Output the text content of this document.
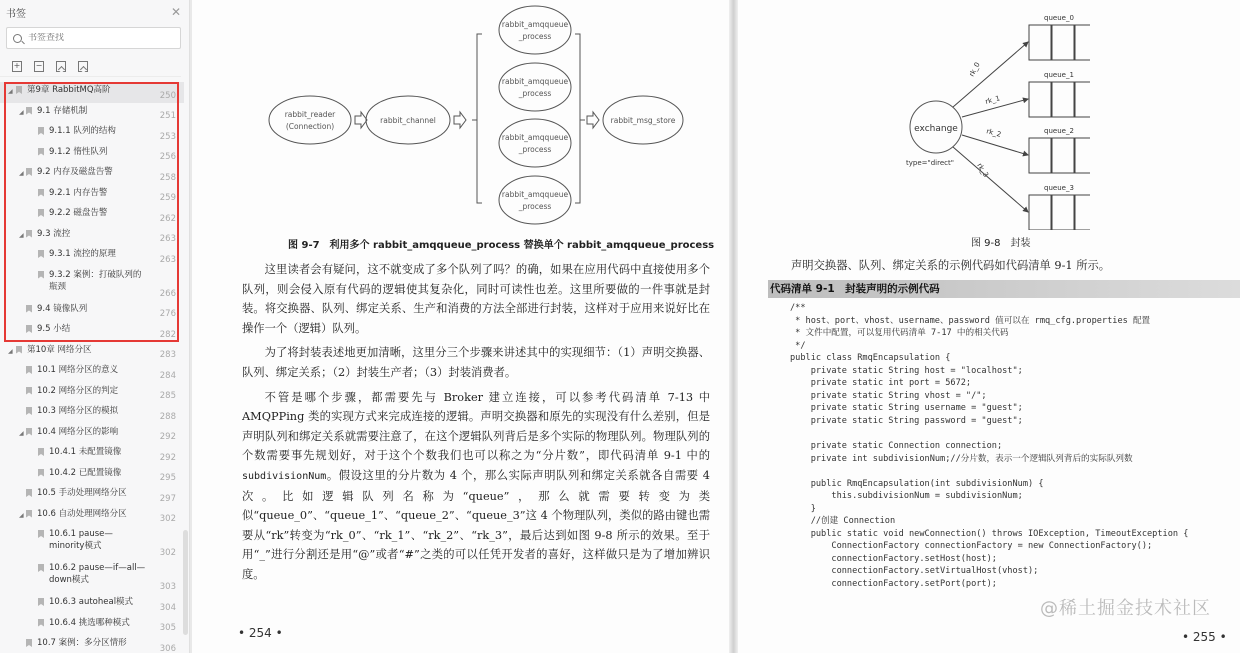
书签	✕
书签查找
+ −
◢ 第9章 RabbitMQ高阶
250
◢ 9.1 存储机制
251
9.1.1 队列的结构
253
9.1.2 惰性队列
256
◢ 9.2 内存及磁盘告警
258
9.2.1 内存告警
259
9.2.2 磁盘告警
262
◢ 9.3 流控
263
9.3.1 流控的原理
263
9.3.2 案例：打破队列的瓶颈
266
9.4 镜像队列
276
9.5 小结
282
◢ 第10章 网络分区
283
10.1 网络分区的意义
284
10.2 网络分区的判定
285
10.3 网络分区的模拟
288
◢ 10.4 网络分区的影响
292
10.4.1 未配置镜像
292
10.4.2 已配置镜像
295
10.5 手动处理网络分区
297
◢ 10.6 自动处理网络分区
302
10.6.1 pause—minority模式
302
10.6.2 pause—if—all—down模式
303
10.6.3 autoheal模式
304
10.6.4 挑选哪种模式
305
10.7 案例：多分区情形
306
rabbit_reader
(Connection)
rabbit_channel
rabbit_amqqueue
_process
rabbit_amqqueue
_process
rabbit_amqqueue
_process
rabbit_amqqueue
_process
rabbit_msg_store
图 9-7　利用多个 rabbit_amqqueue_process 替换单个 rabbit_amqqueue_process

这里读者会有疑问，这不就变成了多个队列了吗？的确，如果在应用代码中直接使用多个队列，则会侵入原有代码的逻辑使其复杂化，同时可读性也差。这里所要做的一件事就是封装。将交换器、队列、绑定关系、生产和消费的方法全部进行封装，这样对于应用来说好比在操作一个（逻辑）队列。

为了将封装表述地更加清晰，这里分三个步骤来讲述其中的实现细节：（1）声明交换器、队列、绑定关系；（2）封装生产者；（3）封装消费者。

不管是哪个步骤，都需要先与 Broker 建立连接，可以参考代码清单 7-13 中 AMQPPing 类的实现方式来完成连接的逻辑。声明交换器和原先的实现没有什么差别，但是声明队列和绑定关系就需要注意了，在这个逻辑队列背后是多个实际的物理队列。物理队列的个数需要事先规划好，对于这个个数我们也可以称之为“分片数”，即代码清单 9-1 中的 subdivisionNum。假设这里的分片数为 4 个，那么实际声明队列和绑定关系就各自需要 4 次。比如逻辑队列名称为“queue”，那么就需要转变为类似“queue_0”、“queue_1”、“queue_2”、“queue_3”这 4 个物理队列，类似的路由键也需要从“rk”转变为“rk_0”、“rk_1”、“rk_2”、“rk_3”，最后达到如图 9-8 所示的效果。至于用“_”进行分割还是用“@”或者“#”之类的可以任凭开发者的喜好，这样做只是为了增加辨识度。

• 254 •
exchange
type="direct"
queue_0
rk_0	queue_1
rk_1
queue_2
rk_2
queue_3
rk_3
图 9-8　封装
声明交换器、队列、绑定关系的示例代码如代码清单 9-1 所示。
代码清单 9-1　封装声明的示例代码
/**
* host、port、vhost、username、password 值可以在 rmq_cfg.properties 配置
* 文件中配置，可以复用代码清单 7-17 中的相关代码
*/
public class RmqEncapsulation {
private static String host = "localhost";
private static int port = 5672;
private static String vhost = "/";
private static String username = "guest";
private static String password = "guest";

private static Connection connection;
private int subdivisionNum;//分片数，表示一个逻辑队列背后的实际队列数

public RmqEncapsulation(int subdivisionNum) {
this.subdivisionNum = subdivisionNum;
}
//创建 Connection
public static void newConnection() throws IOException, TimeoutException {
ConnectionFactory connectionFactory = new ConnectionFactory();
connectionFactory.setHost(host);
connectionFactory.setVirtualHost(vhost);
connectionFactory.setPort(port);
@稀土掘金技术社区
• 255 •
